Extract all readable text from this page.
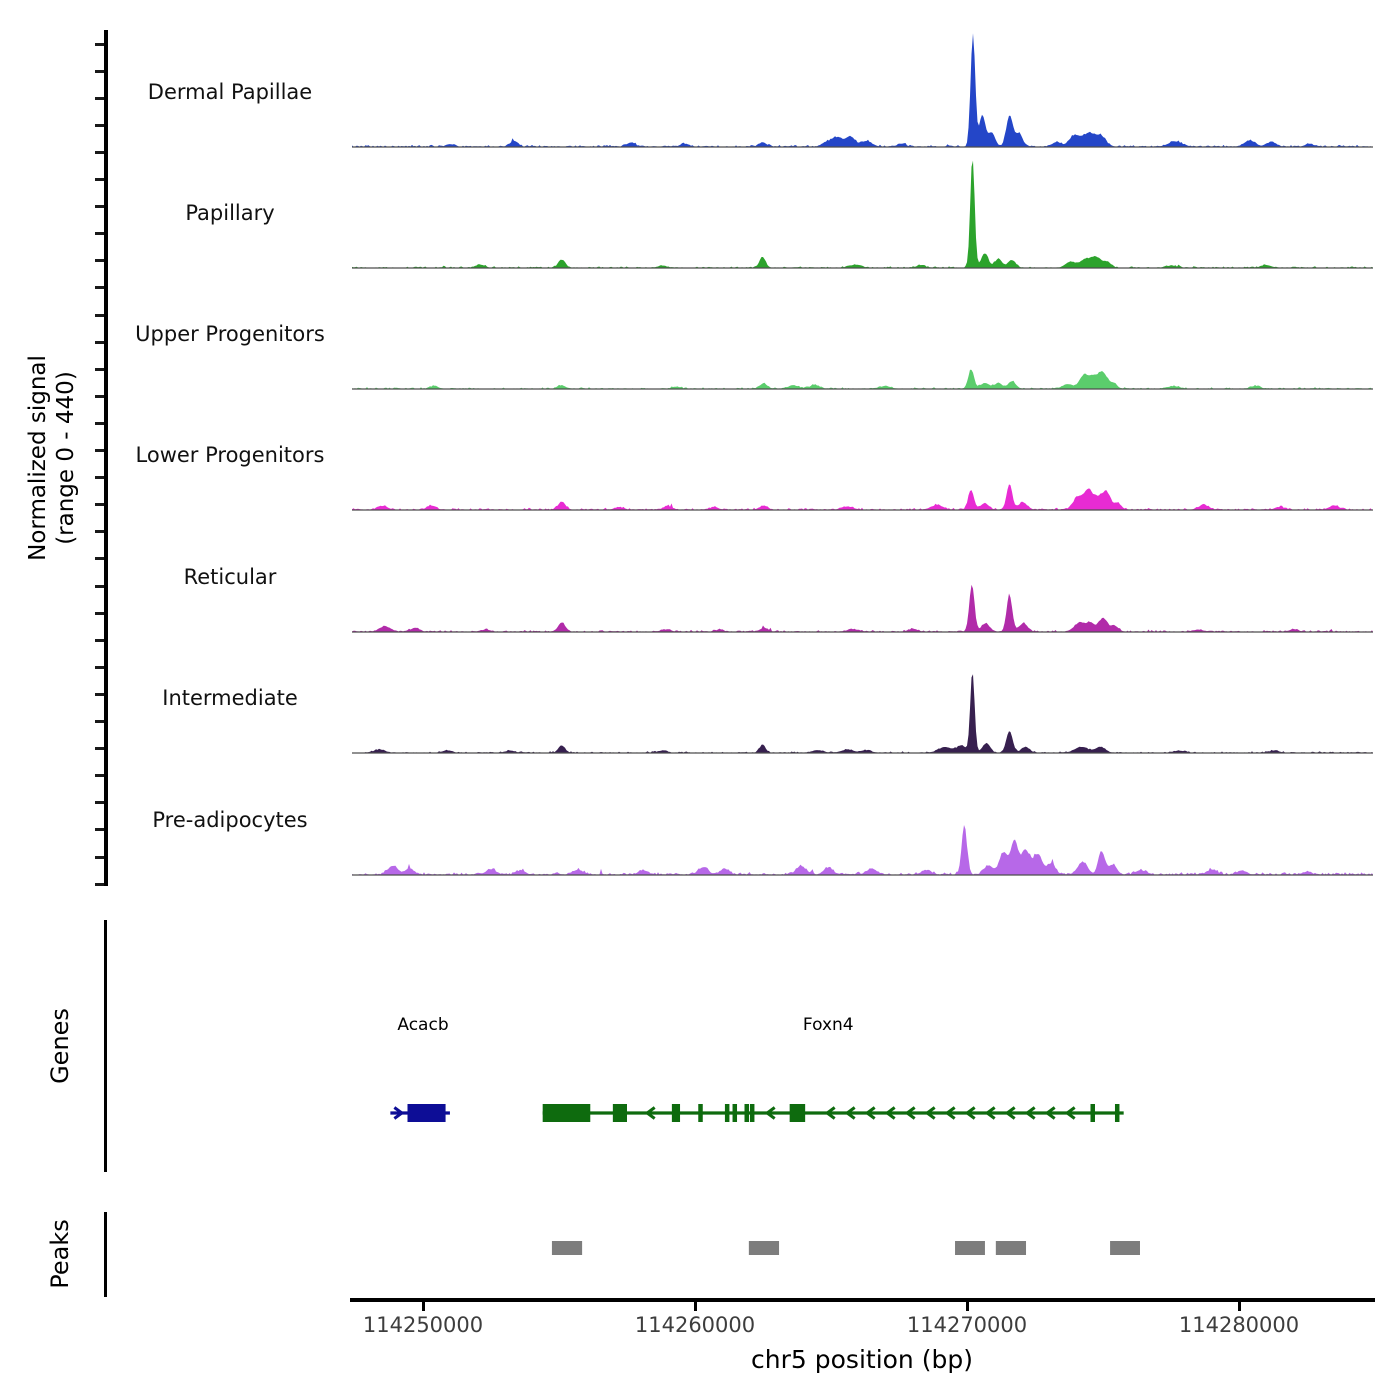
Normalized signal (range 0 - 440)
Dermal Papillae
Papillary
Upper Progenitors
Lower Progenitors
Reticular
Intermediate
Pre-adipocytes
Genes	Acacb	Foxn4
Peaks
114250000	114260000	114270000	114280000
chr5 position (bp)
